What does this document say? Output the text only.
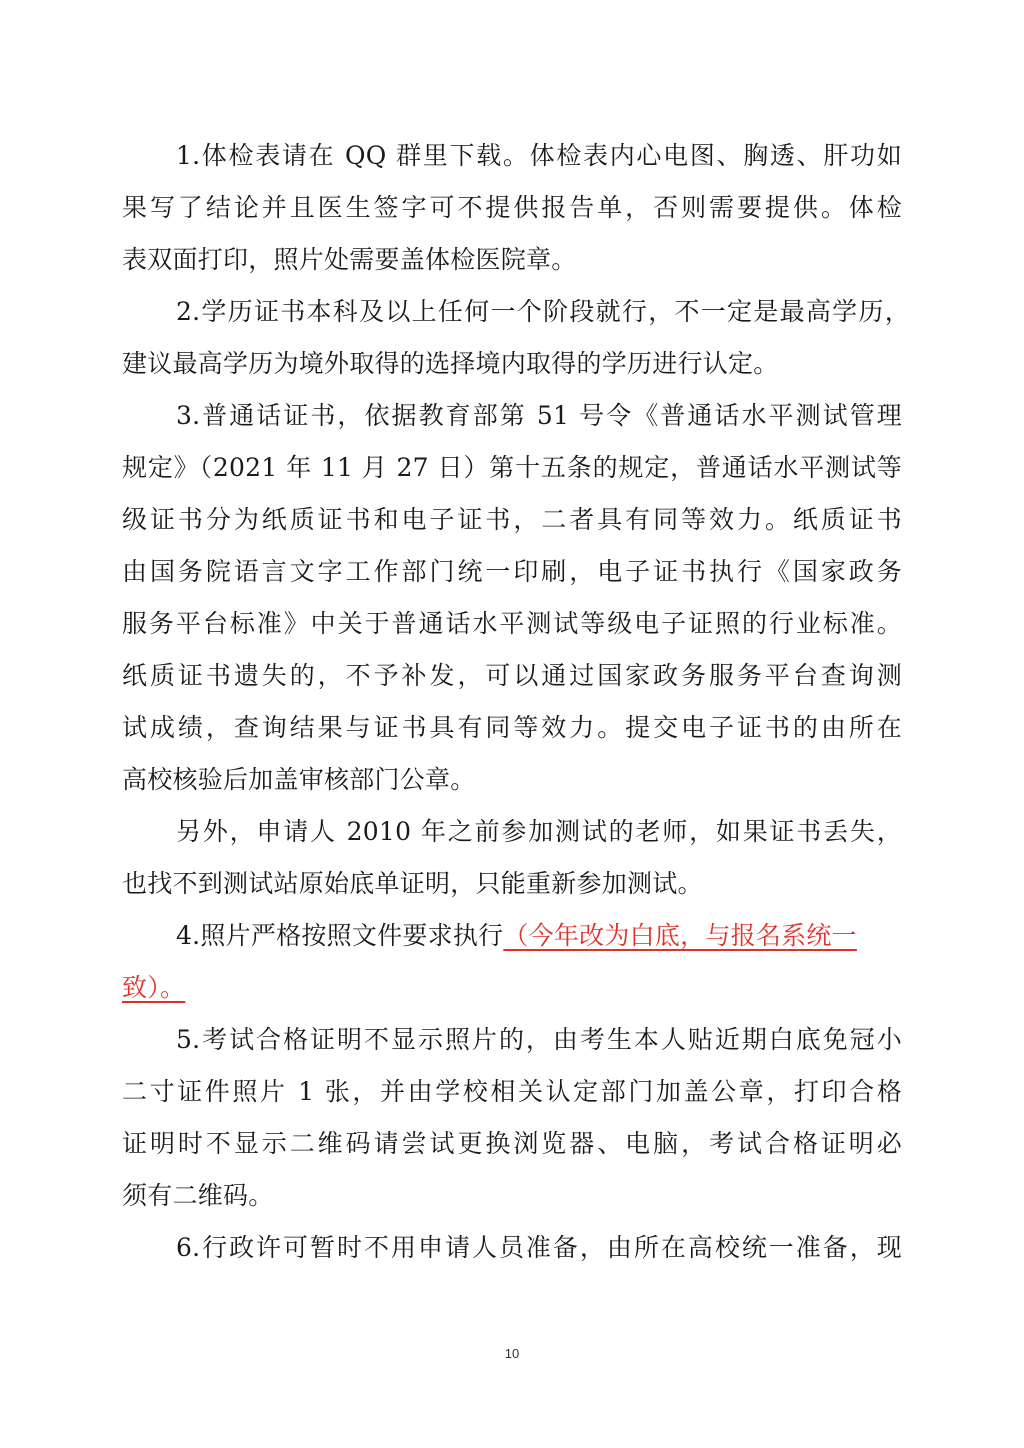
1.体检表请在 QQ 群里下载。体检表内心电图、胸透、肝功如
果写了结论并且医生签字可不提供报告单，否则需要提供。体检
表双面打印，照片处需要盖体检医院章。
2.学历证书本科及以上任何一个阶段就行，不一定是最高学历，
建议最高学历为境外取得的选择境内取得的学历进行认定。
3.普通话证书，依据教育部第 51 号令《普通话水平测试管理
规定》（2021 年 11 月 27 日）第十五条的规定，普通话水平测试等
级证书分为纸质证书和电子证书，二者具有同等效力。纸质证书
由国务院语言文字工作部门统一印刷，电子证书执行《国家政务
服务平台标准》中关于普通话水平测试等级电子证照的行业标准。
纸质证书遗失的，不予补发，可以通过国家政务服务平台查询测
试成绩，查询结果与证书具有同等效力。提交电子证书的由所在
高校核验后加盖审核部门公章。
另外，申请人 2010 年之前参加测试的老师，如果证书丢失，
也找不到测试站原始底单证明，只能重新参加测试。
4.照片严格按照文件要求执行（今年改为白底，与报名系统一
致）。
5.考试合格证明不显示照片的，由考生本人贴近期白底免冠小
二寸证件照片 1 张，并由学校相关认定部门加盖公章，打印合格
证明时不显示二维码请尝试更换浏览器、电脑，考试合格证明必
须有二维码。
6.行政许可暂时不用申请人员准备，由所在高校统一准备，现
10
